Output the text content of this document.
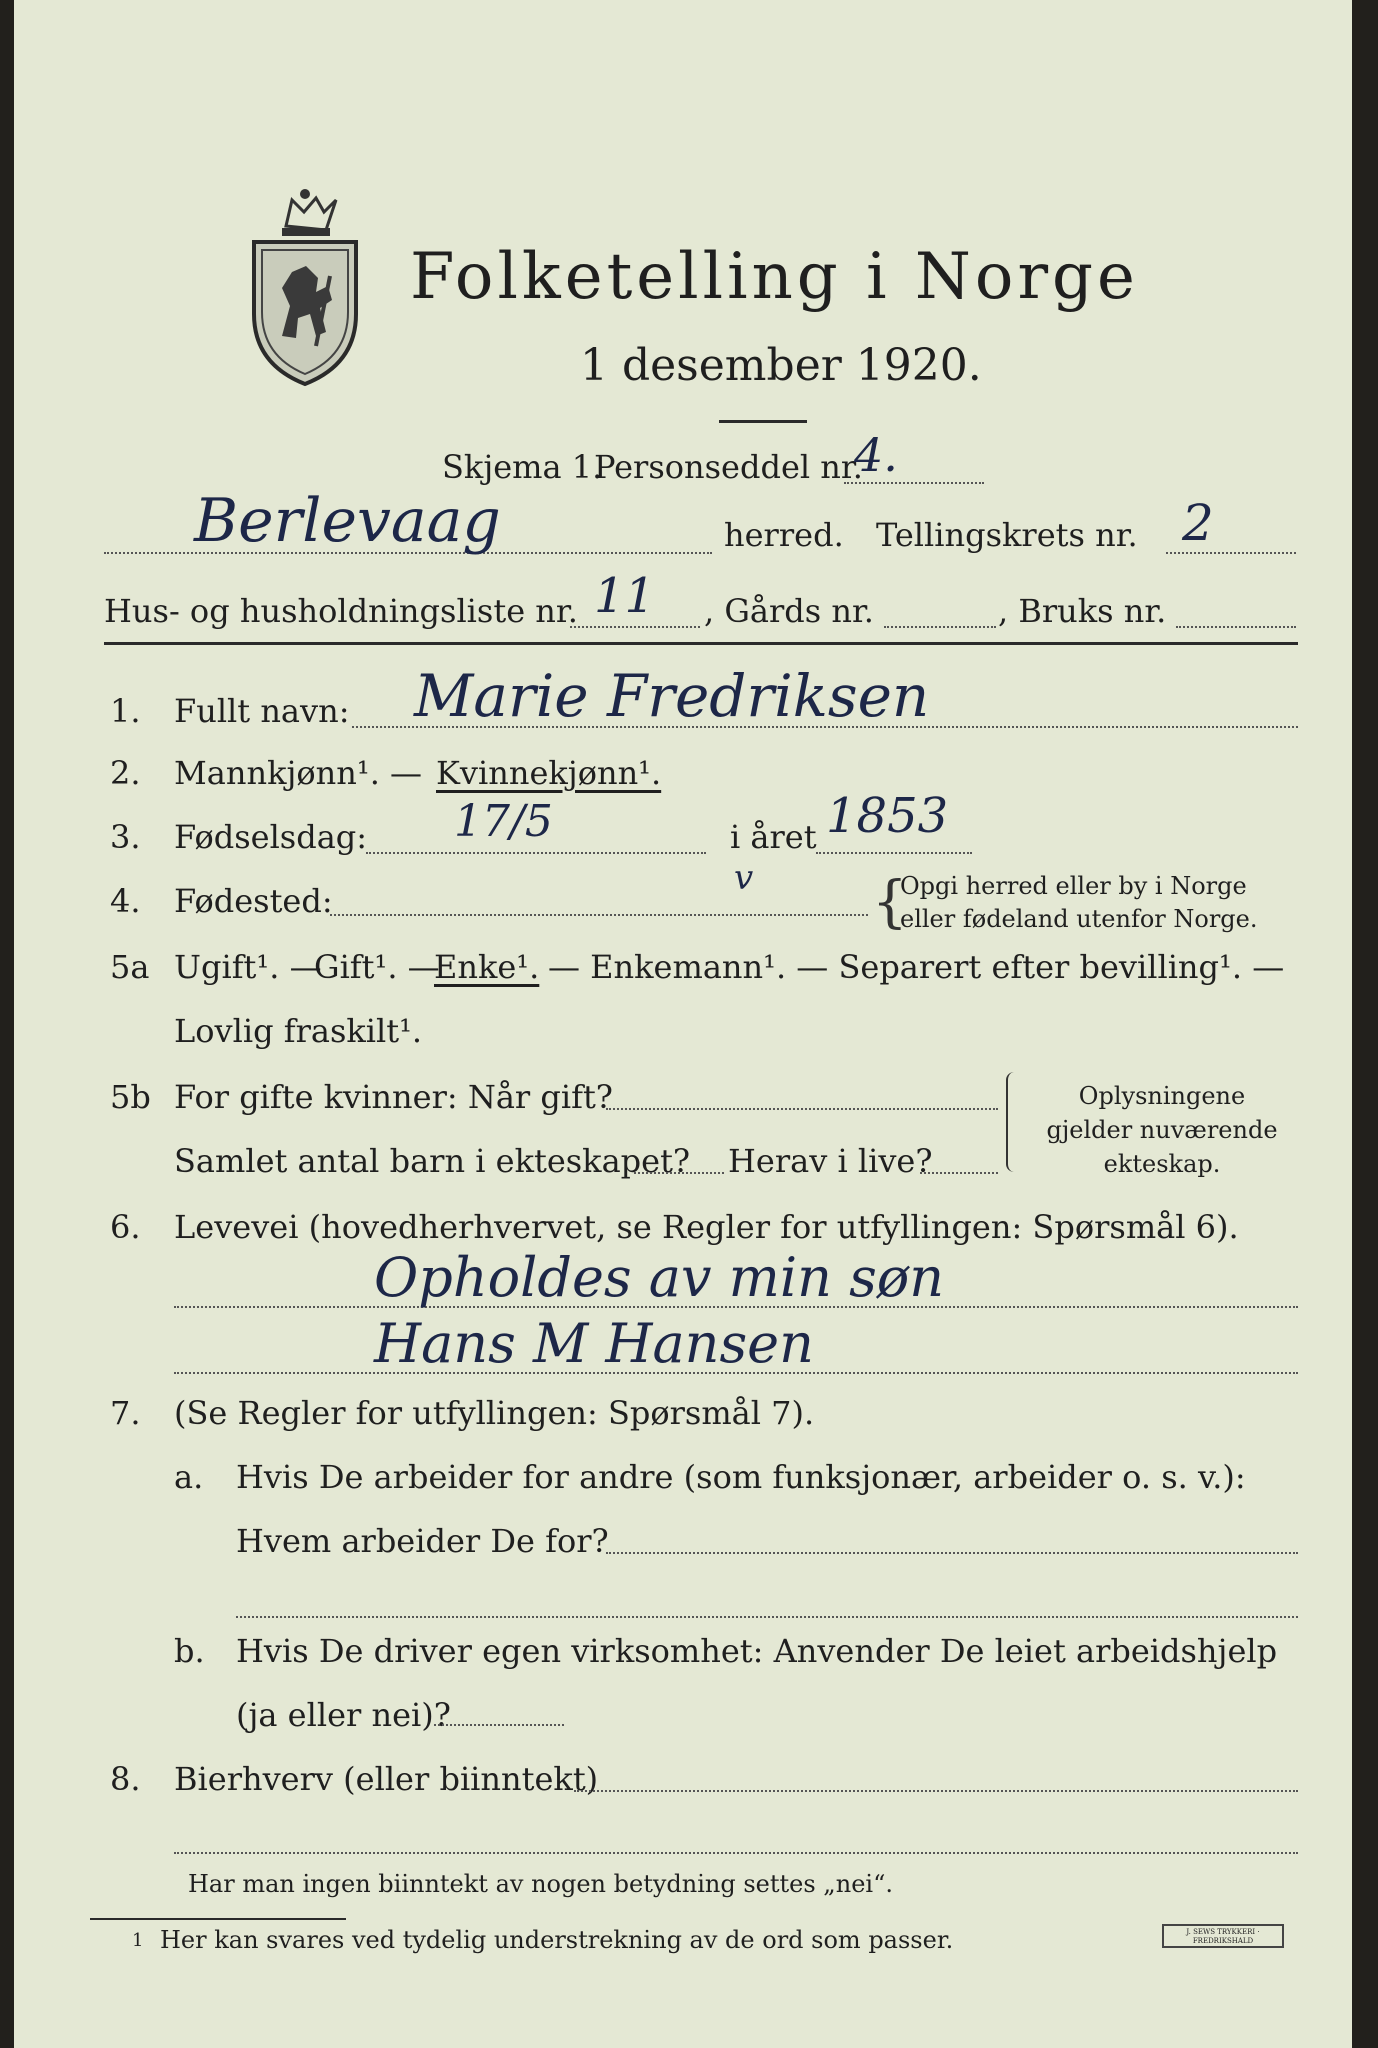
Folketelling i Norge
1 desember 1920.
Skjema 1.
Personseddel nr.
4.
Berlevaag	herred. Tellingskrets nr. 2
Hus- og husholdningsliste nr. 11 , Gårds nr.	, Bruks nr.
1. Fullt navn: Marie Fredriksen
2. Mannkjønn¹. — Kvinnekjønn¹.
3. Fødselsdag: 17/5	i året 1853
4. Fødested:
v {
Opgi herred eller by i Norge
eller fødeland utenfor Norge.
5a Ugift¹. —
Gift¹. —
Enke¹. — Enkemann¹. — Separert efter bevilling¹. —
Lovlig fraskilt¹.
5b For gifte kvinner: Når gift?
Samlet antal barn i ekteskapet? Herav i live?
Oplysningene
gjelder nuværende
ekteskap.
6. Levevei (hovedherhvervet, se Regler for utfyllingen: Spørsmål 6).
Opholdes av min søn
Hans M Hansen
7. (Se Regler for utfyllingen: Spørsmål 7).
a. Hvis De arbeider for andre (som funksjonær, arbeider o. s. v.):
Hvem arbeider De for?
b. Hvis De driver egen virksomhet: Anvender De leiet arbeidshjelp
(ja eller nei)?
8. Bierhverv (eller biinntekt)
Har man ingen biinntekt av nogen betydning settes „nei“.
1 Her kan svares ved tydelig understrekning av de ord som passer.	J. SEWS TRYKKERI · FREDRIKSHALD
